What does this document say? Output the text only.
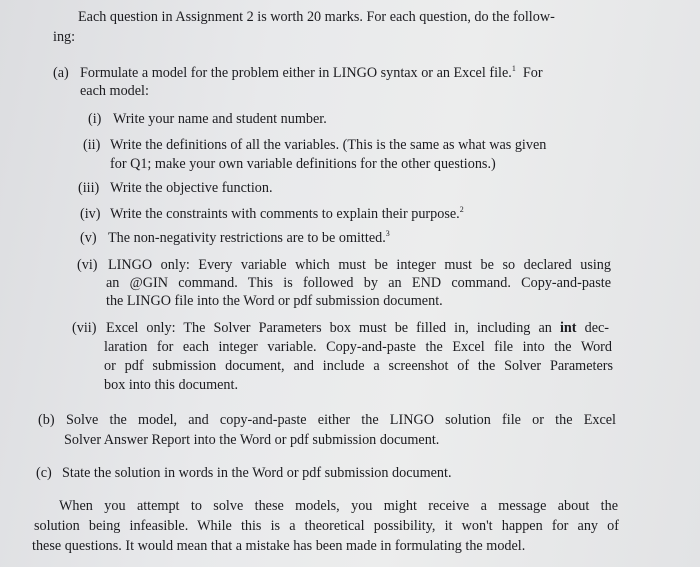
Each question in Assignment 2 is worth 20 marks. For each question, do the follow-
ing:
(a) Formulate a model for the problem either in LINGO syntax or an Excel file.$^1$ For
each model:
(i) Write your name and student number.
(ii) Write the definitions of all the variables. (This is the same as what was given
for Q1; make your own variable definitions for the other questions.)
(iii) Write the objective function.
(iv) Write the constraints with comments to explain their purpose.$^2$
(v) The non-negativity restrictions are to be omitted.$^3$
(vi) LINGO only: Every variable which must be integer must be so declared using
an @GIN command. This is followed by an END command. Copy-and-paste
the LINGO file into the Word or pdf submission document.
(vii) Excel only: The Solver Parameters box must be filled in, including an int dec-
laration for each integer variable. Copy-and-paste the Excel file into the Word
or pdf submission document, and include a screenshot of the Solver Parameters
box into this document.
(b) Solve the model, and copy-and-paste either the LINGO solution file or the Excel
Solver Answer Report into the Word or pdf submission document.
(c) State the solution in words in the Word or pdf submission document.
When you attempt to solve these models, you might receive a message about the
solution being infeasible. While this is a theoretical possibility, it won't happen for any of
these questions. It would mean that a mistake has been made in formulating the model.
